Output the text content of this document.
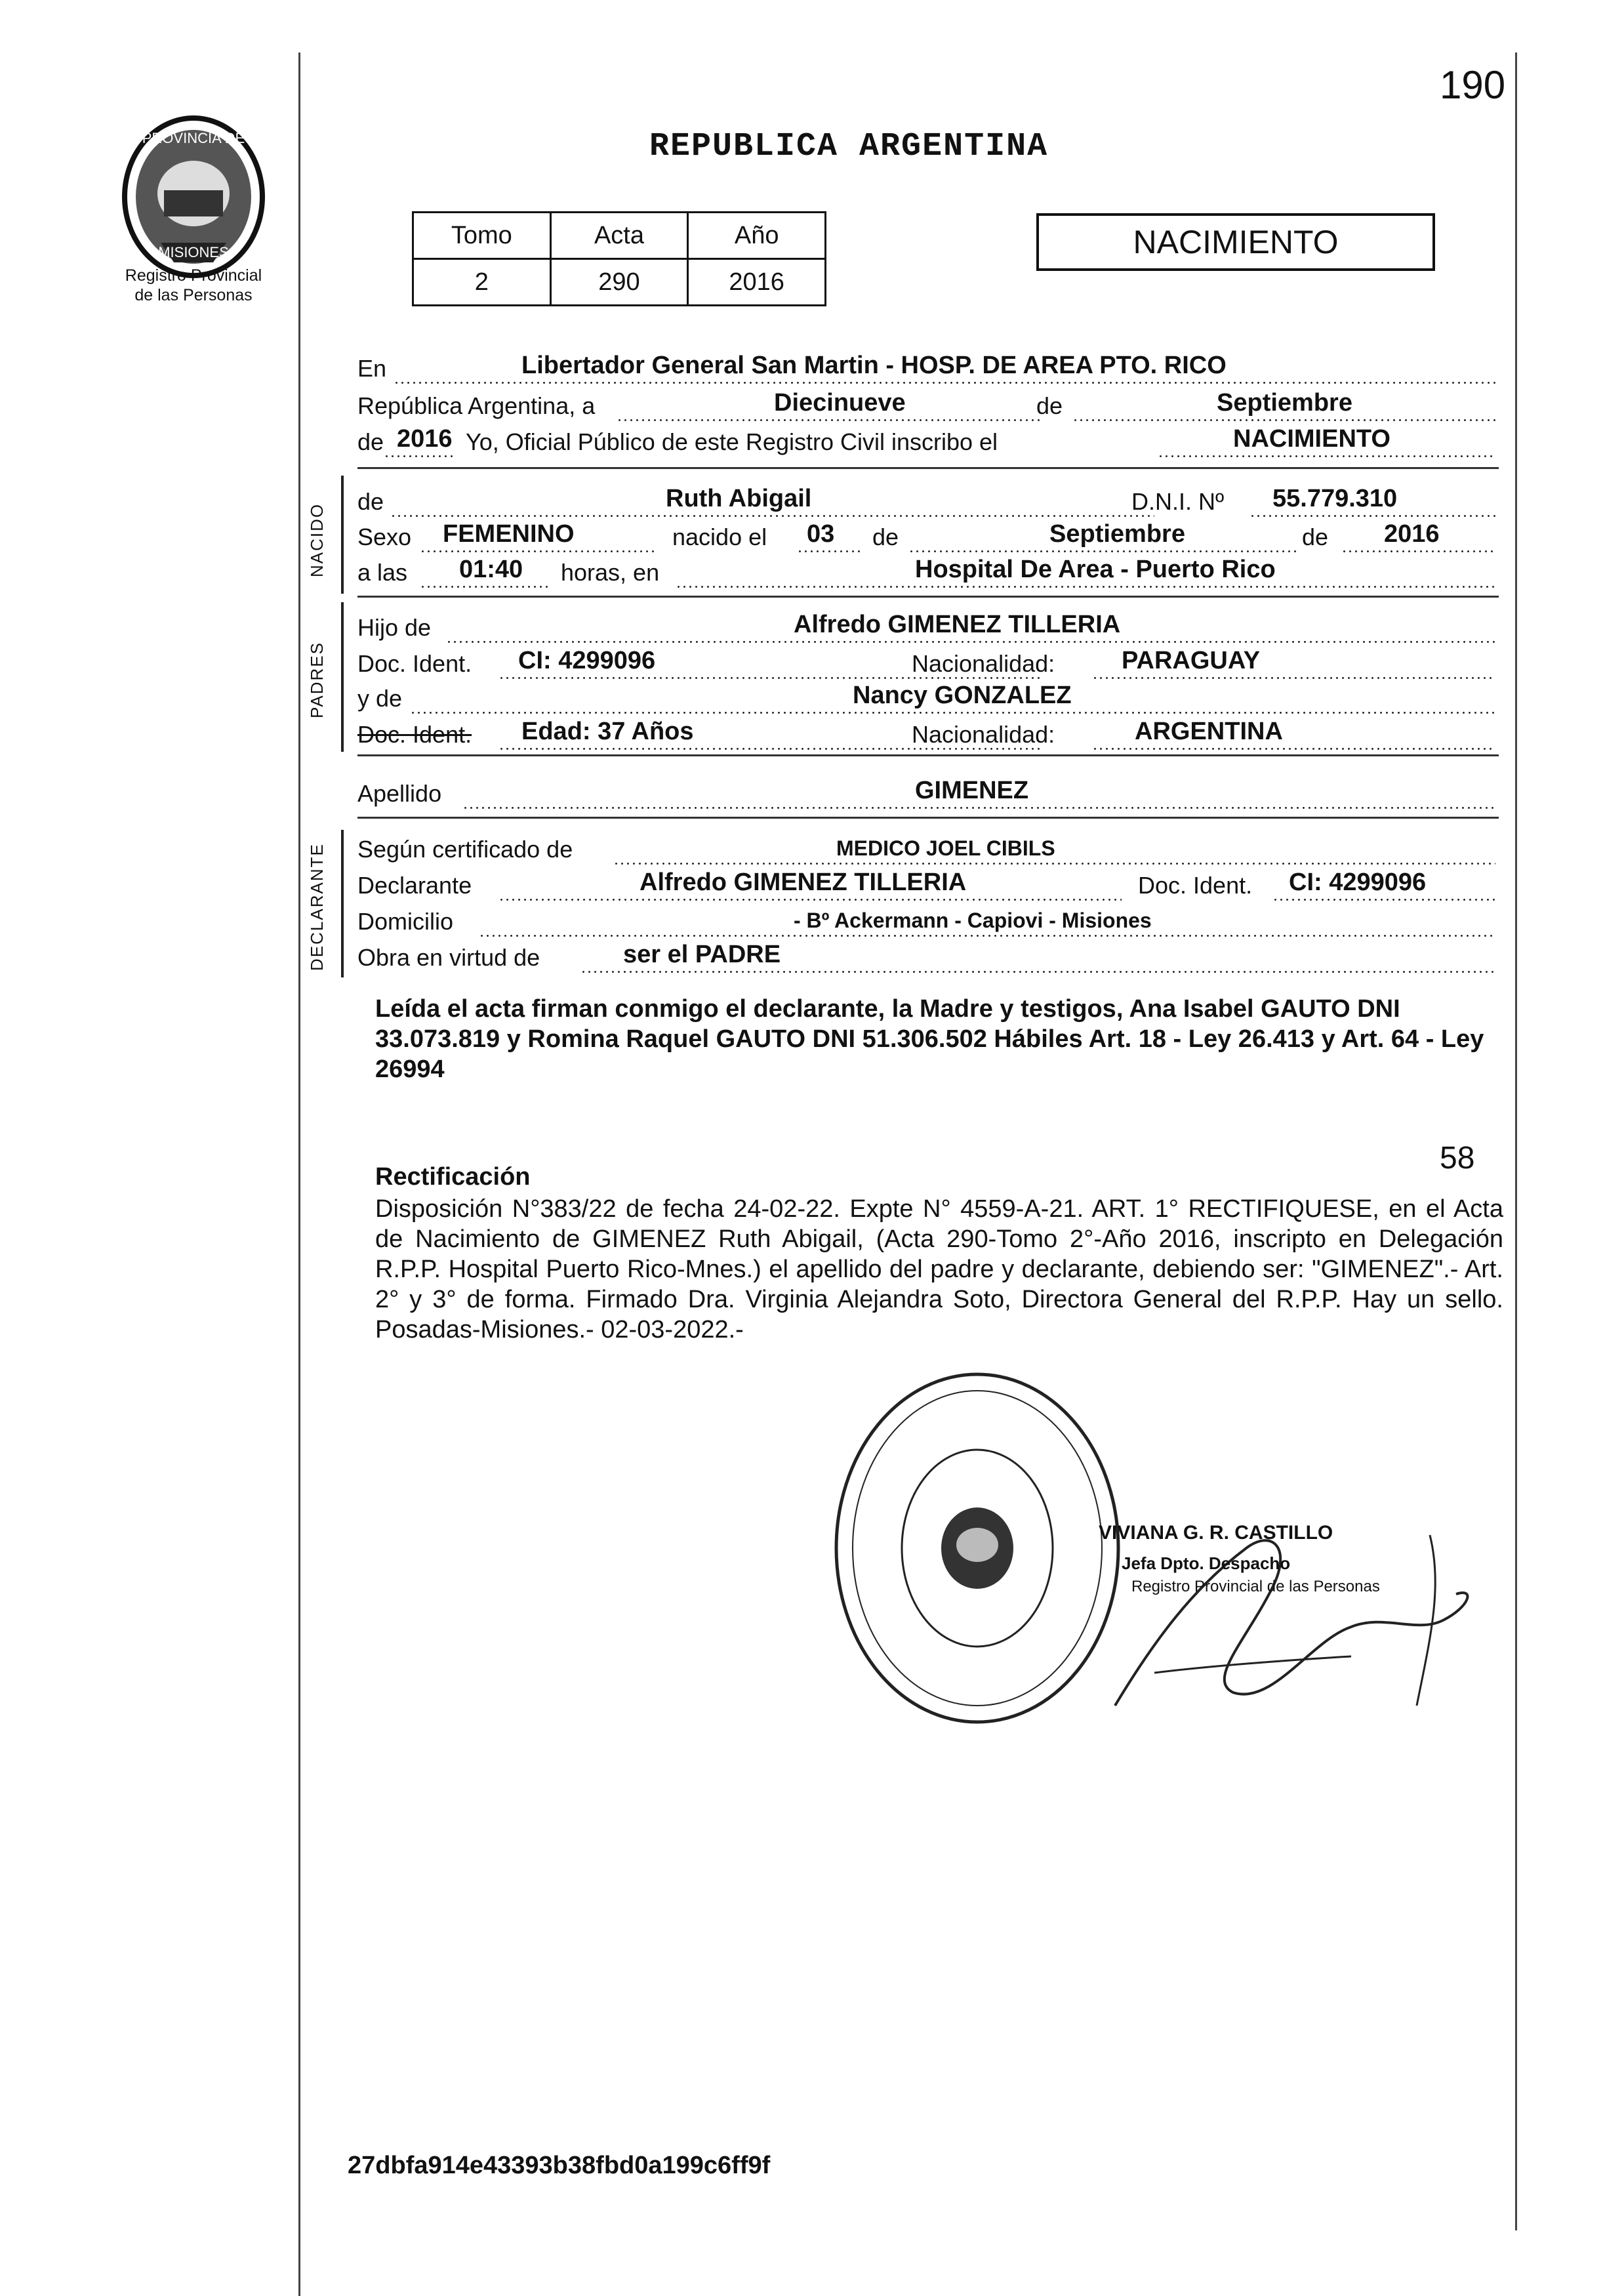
PROVINCIA DE
MISIONES
Registro Provincial
de las Personas
190
REPUBLICA ARGENTINA
Tomo	Acta	Año
2	290	2016
NACIMIENTO
En	Libertador General San Martin - HOSP. DE AREA PTO. RICO
República Argentina, a	Diecinueve	de	Septiembre
de 2016 Yo, Oficial Público de este Registro Civil inscribo el	NACIMIENTO
NACIDO
de	Ruth Abigail	D.N.I. Nº 55.779.310
Sexo FEMENINO	nacido el 03 de	Septiembre	de 2016
a las 01:40 horas, en	Hospital De Area - Puerto Rico
PADRES
Hijo de	Alfredo GIMENEZ TILLERIA
Doc. Ident. CI: 4299096	Nacionalidad:	PARAGUAY
y de	Nancy GONZALEZ
Doc. Ident. Edad: 37 Años	Nacionalidad:	ARGENTINA
Apellido	GIMENEZ
DECLARANTE Según certificado de	MEDICO JOEL CIBILS
Declarante	Alfredo GIMENEZ TILLERIA	Doc. Ident. CI: 4299096
Domicilio	- Bº Ackermann - Capiovi - Misiones
Obra en virtud de	ser el PADRE
Leída el acta firman conmigo el declarante, la Madre y testigos, Ana Isabel GAUTO DNI 33.073.819 y Romina Raquel GAUTO DNI 51.306.502 Hábiles Art. 18 - Ley 26.413 y Art. 64 - Ley 26994
58
Rectificación
Disposición N°383/22 de fecha 24-02-22. Expte N° 4559-A-21. ART. 1° RECTIFIQUESE, en el Acta de Nacimiento de GIMENEZ Ruth Abigail, (Acta 290-Tomo 2°-Año 2016, inscripto en Delegación R.P.P. Hospital Puerto Rico-Mnes.) el apellido del padre y declarante, debiendo ser: "GIMENEZ".- Art. 2° y 3° de forma. Firmado Dra. Virginia Alejandra Soto, Directora General del R.P.P. Hay un sello. Posadas-Misiones.- 02-03-2022.-
VIVIANA G. R. CASTILLO
Jefa Dpto. Despacho
Registro Provincial de las Personas
27dbfa914e43393b38fbd0a199c6ff9f
